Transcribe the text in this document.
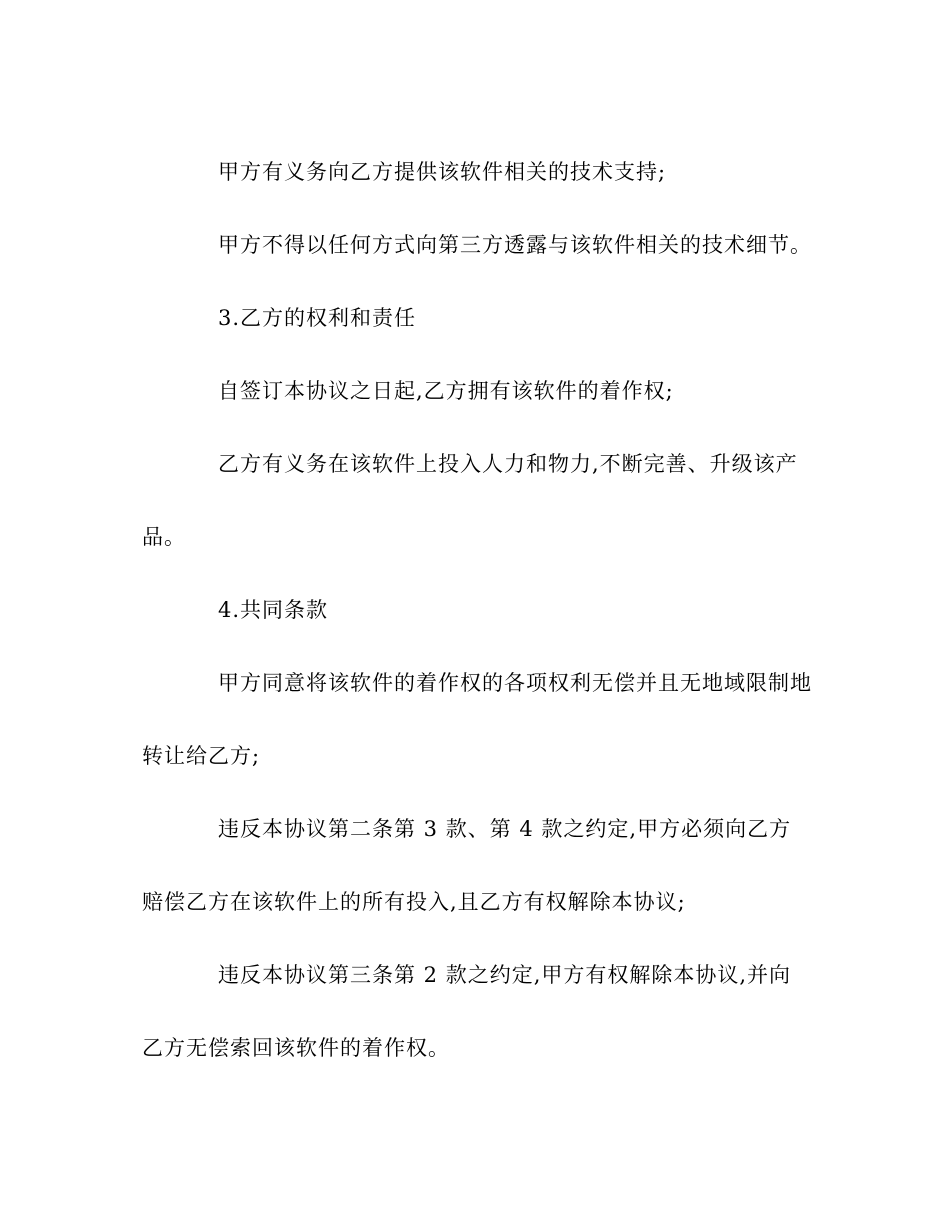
甲方有义务向乙方提供该软件相关的技术支持;

甲方不得以任何方式向第三方透露与该软件相关的技术细节。

3.乙方的权利和责任

自签订本协议之日起,乙方拥有该软件的着作权;

乙方有义务在该软件上投入人力和物力,不断完善、升级该产品。

4.共同条款

甲方同意将该软件的着作权的各项权利无偿并且无地域限制地转让给乙方;

违反本协议第二条第 3 款、第 4 款之约定,甲方必须向乙方赔偿乙方在该软件上的所有投入,且乙方有权解除本协议;

违反本协议第三条第 2 款之约定,甲方有权解除本协议,并向乙方无偿索回该软件的着作权。
